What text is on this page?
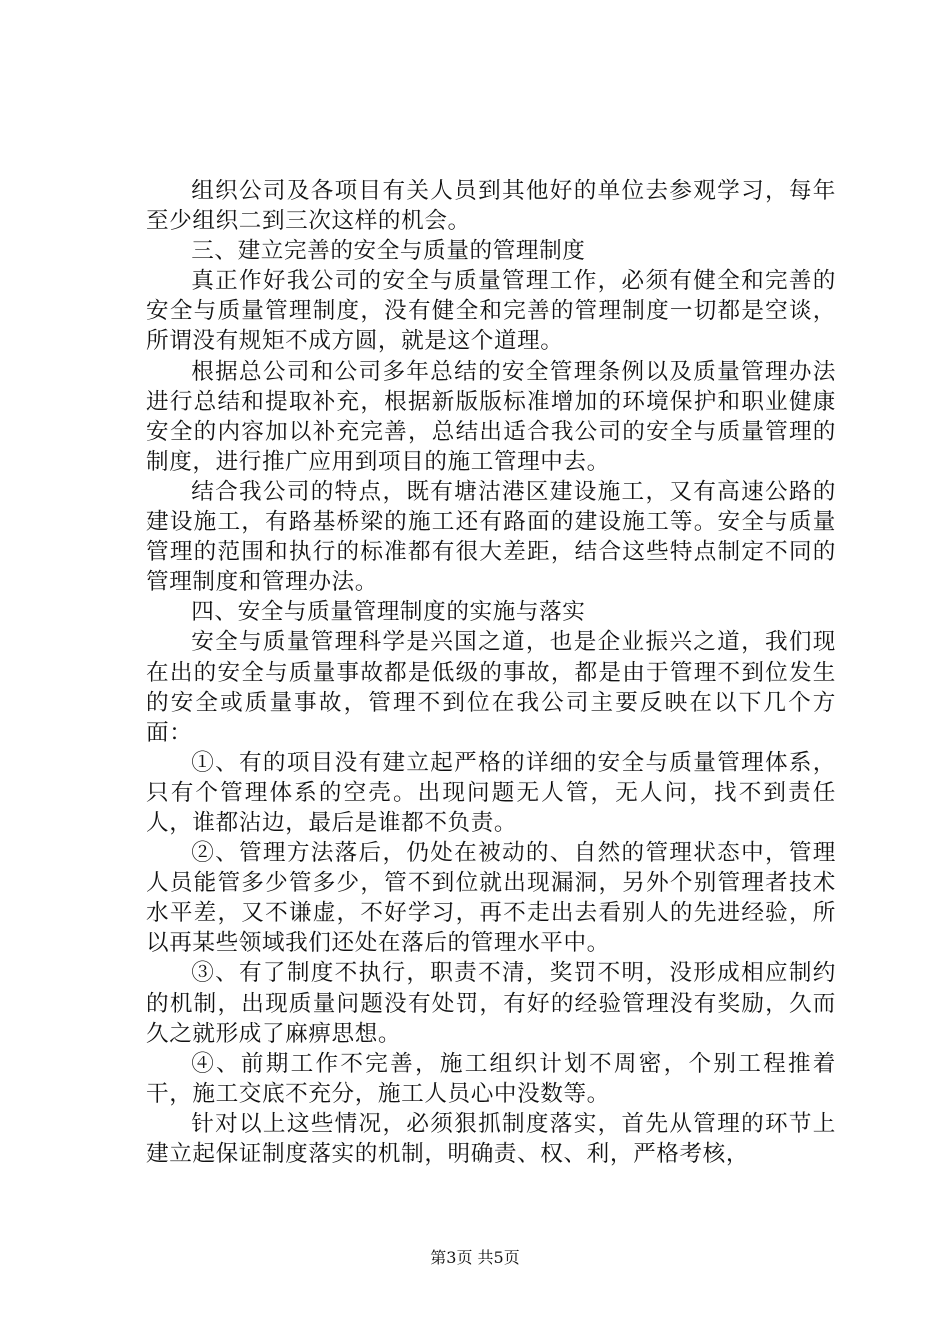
组织公司及各项目有关人员到其他好的单位去参观学习，每年至少组织二到三次这样的机会。

三、建立完善的安全与质量的管理制度

真正作好我公司的安全与质量管理工作，必须有健全和完善的安全与质量管理制度，没有健全和完善的管理制度一切都是空谈，所谓没有规矩不成方圆，就是这个道理。

根据总公司和公司多年总结的安全管理条例以及质量管理办法进行总结和提取补充，根据新版版标准增加的环境保护和职业健康安全的内容加以补充完善，总结出适合我公司的安全与质量管理的制度，进行推广应用到项目的施工管理中去。

结合我公司的特点，既有塘沽港区建设施工，又有高速公路的建设施工，有路基桥梁的施工还有路面的建设施工等。安全与质量管理的范围和执行的标准都有很大差距，结合这些特点制定不同的管理制度和管理办法。

四、安全与质量管理制度的实施与落实

安全与质量管理科学是兴国之道，也是企业振兴之道，我们现在出的安全与质量事故都是低级的事故，都是由于管理不到位发生的安全或质量事故，管理不到位在我公司主要反映在以下几个方面：

①、有的项目没有建立起严格的详细的安全与质量管理体系，只有个管理体系的空壳。出现问题无人管，无人问，找不到责任人，谁都沾边，最后是谁都不负责。

②、管理方法落后，仍处在被动的、自然的管理状态中，管理人员能管多少管多少，管不到位就出现漏洞，另外个别管理者技术水平差，又不谦虚，不好学习，再不走出去看别人的先进经验，所以再某些领域我们还处在落后的管理水平中。

③、有了制度不执行，职责不清，奖罚不明，没形成相应制约的机制，出现质量问题没有处罚，有好的经验管理没有奖励，久而久之就形成了麻痹思想。

④、前期工作不完善，施工组织计划不周密，个别工程推着干，施工交底不充分，施工人员心中没数等。

针对以上这些情况，必须狠抓制度落实，首先从管理的环节上建立起保证制度落实的机制，明确责、权、利，严格考核，

第3页 共5页
